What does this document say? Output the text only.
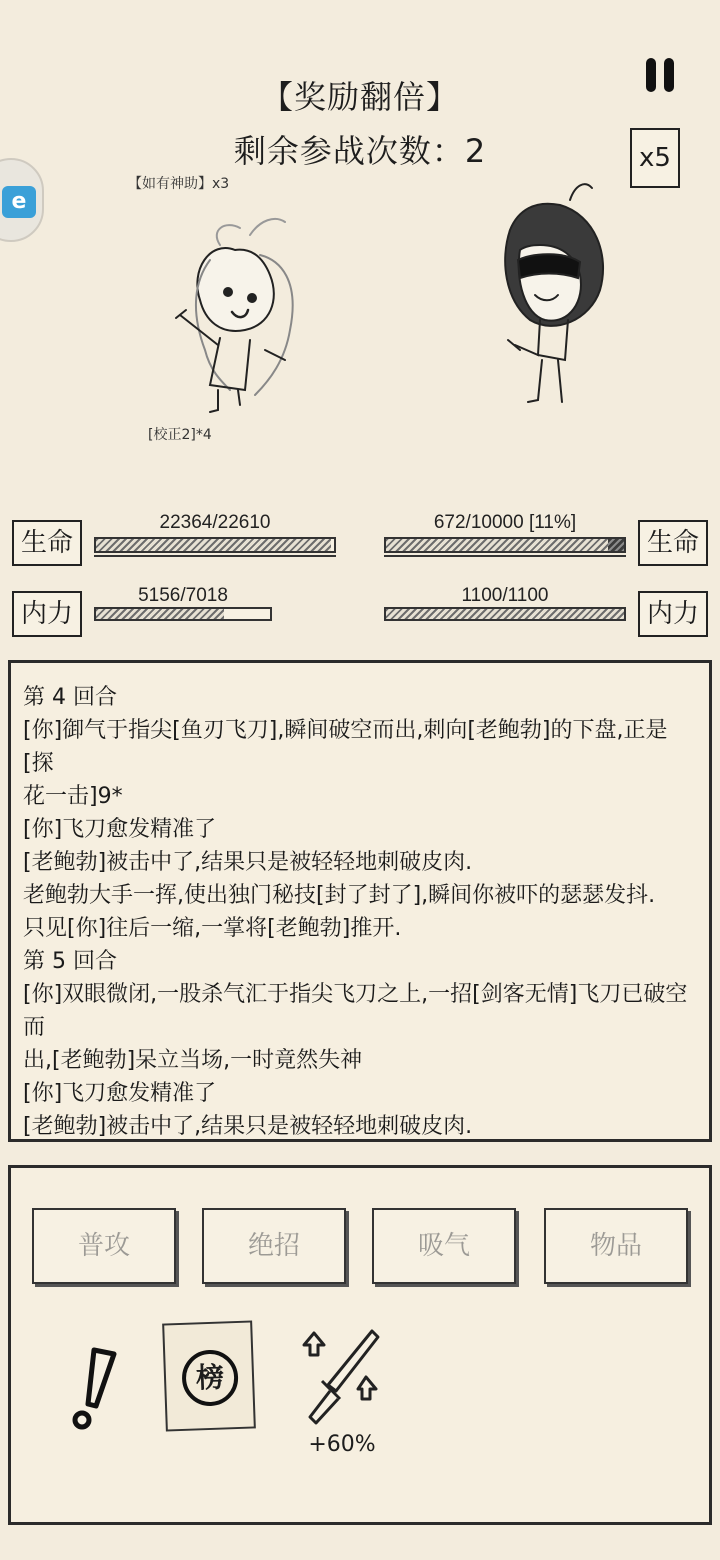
【奖励翻倍】
剩余参战次数：2	x5
e
【如有神助】x3
[校正2]*4
生命
22364/22610	672/10000 [11%]
生命
内力
5156/7018	1100/1100
内力
第 4 回合
[你]御气于指尖[鱼刃飞刀],瞬间破空而出,刺向[老鲍勃]的下盘,正是[探
花一击]9*
[你]飞刀愈发精准了
[老鲍勃]被击中了,结果只是被轻轻地刺破皮肉.
老鲍勃大手一挥,使出独门秘技[封了封了],瞬间你被吓的瑟瑟发抖.
只见[你]往后一缩,一掌将[老鲍勃]推开.
第 5 回合
[你]双眼微闭,一股杀气汇于指尖飞刀之上,一招[剑客无情]飞刀已破空而
出,[老鲍勃]呆立当场,一时竟然失神
[你]飞刀愈发精准了
[老鲍勃]被击中了,结果只是被轻轻地刺破皮肉.
普攻	绝招	吸气	物品
榜
+60%
